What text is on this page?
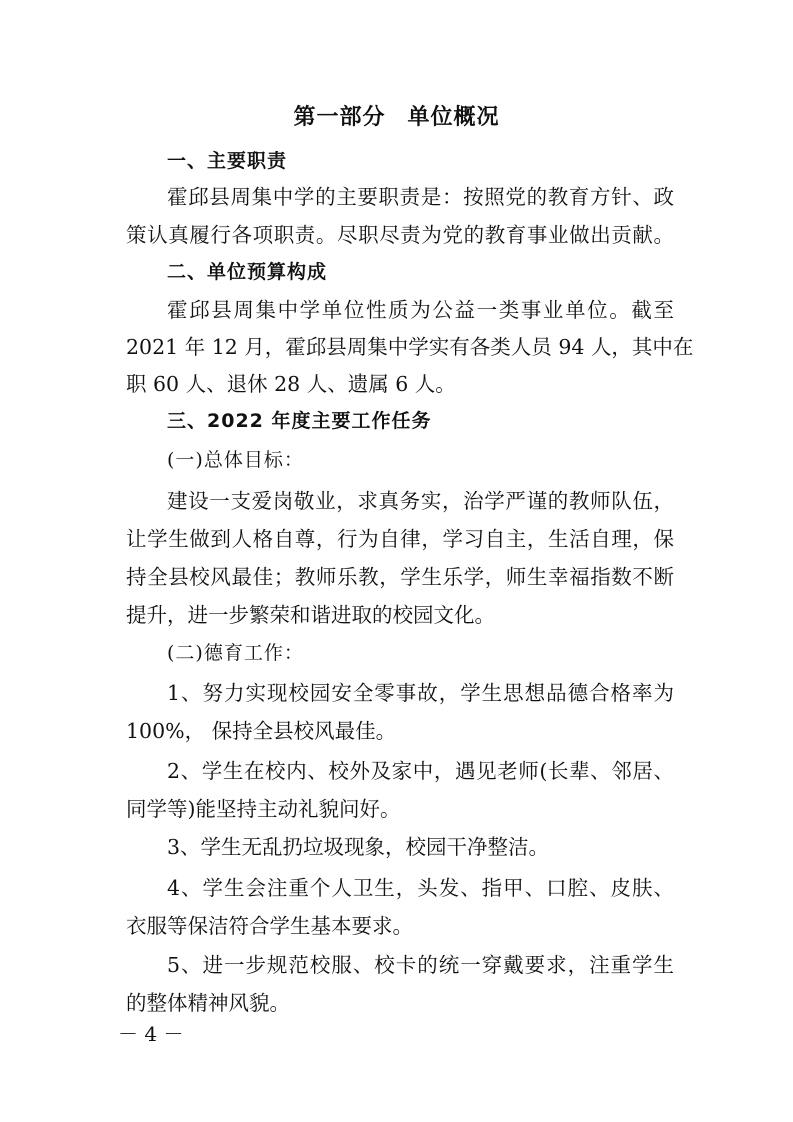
第一部分 单位概况
一、主要职责
霍邱县周集中学的主要职责是：按照党的教育方针、政
策认真履行各项职责。尽职尽责为党的教育事业做出贡献。
二、单位预算构成
霍邱县周集中学单位性质为公益一类事业单位。截至
2021 年 12 月，霍邱县周集中学实有各类人员 94 人，其中在
职 60 人、退休 28 人、遗属 6 人。
三、2022 年度主要工作任务
(一)总体目标：
建设一支爱岗敬业，求真务实，治学严谨的教师队伍，
让学生做到人格自尊，行为自律，学习自主，生活自理，保
持全县校风最佳；教师乐教，学生乐学，师生幸福指数不断
提升，进一步繁荣和谐进取的校园文化。
(二)德育工作：
1、努力实现校园安全零事故，学生思想品德合格率为
100%， 保持全县校风最佳。
2、学生在校内、校外及家中，遇见老师(长辈、邻居、
同学等)能坚持主动礼貌问好。
3、学生无乱扔垃圾现象，校园干净整洁。
4、学生会注重个人卫生，头发、指甲、口腔、皮肤、
衣服等保洁符合学生基本要求。
5、进一步规范校服、校卡的统一穿戴要求，注重学生
的整体精神风貌。
－ 4 －
